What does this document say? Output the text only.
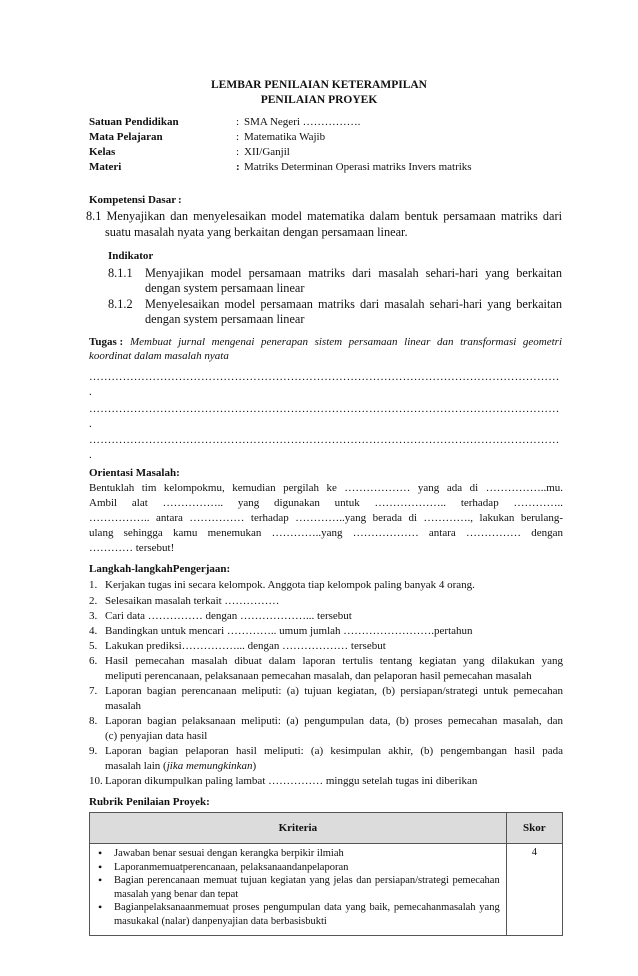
LEMBAR PENILAIAN KETERAMPILAN
PENILAIAN PROYEK
Satuan Pendidikan	: SMA Negeri …………….
Mata Pelajaran	: Matematika Wajib
Kelas	: XII/Ganjil
Materi	: Matriks Determinan Operasi matriks Invers matriks
Kompetensi Dasar :
8.1 Menyajikan dan menyelesaikan model matematika dalam bentuk persamaan matriks dari
suatu masalah nyata yang berkaitan dengan persamaan linear.
Indikator
8.1.1 Menyajikan model persamaan matriks dari masalah sehari-hari yang berkaitan
dengan system persamaan linear
8.1.2 Menyelesaikan model persamaan matriks dari masalah sehari-hari yang berkaitan
dengan system persamaan linear
Tugas : Membuat jurnal mengenai penerapan sistem persamaan linear dan transformasi geometri
koordinat dalam masalah nyata
………………………………………………………………………………………………………………
.
………………………………………………………………………………………………………………
.
………………………………………………………………………………………………………………
.
Orientasi Masalah:
Bentuklah tim kelompokmu, kemudian pergilah ke ……………… yang ada di ……………..mu.
Ambil alat …………….. yang digunakan untuk ……………….. terhadap …………..
…………….. antara …………… terhadap …………..yang berada di …………., lakukan berulang-
ulang sehingga kamu menemukan …………..yang ……………… antara …………… dengan
………… tersebut!
Langkah-langkahPengerjaan:
1. Kerjakan tugas ini secara kelompok. Anggota tiap kelompok paling banyak 4 orang.
2. Selesaikan masalah terkait ……………
3. Cari data …………… dengan ………………... tersebut
4. Bandingkan untuk mencari ………….. umum jumlah …………………….pertahun
5. Lakukan prediksi……………... dengan ……………… tersebut
6. Hasil pemecahan masalah dibuat dalam laporan tertulis tentang kegiatan yang dilakukan yang
meliputi perencanaan, pelaksanaan pemecahan masalah, dan pelaporan hasil pemecahan masalah
7. Laporan bagian perencanaan meliputi: (a) tujuan kegiatan, (b) persiapan/strategi untuk pemecahan
masalah
8. Laporan bagian pelaksanaan meliputi: (a) pengumpulan data, (b) proses pemecahan masalah, dan
(c) penyajian data hasil
9. Laporan bagian pelaporan hasil meliputi: (a) kesimpulan akhir, (b) pengembangan hasil pada
masalah lain (jika memungkinkan)
10. Laporan dikumpulkan paling lambat …………… minggu setelah tugas ini diberikan
Rubrik Penilaian Proyek:
Kriteria	Skor

• Jawaban benar sesuai dengan kerangka berpikir ilmiah
• Laporanmemuatperencanaan, pelaksanaandanpelaporan
• Bagian perencanaan memuat tujuan kegiatan yang jelas dan persiapan/strategi pemecahan masalah yang benar dan tepat
• Bagianpelaksanaanmemuat proses pengumpulan data yang baik, pemecahanmasalah yang masukakal (nalar) danpenyajian data berbasisbukti	4
